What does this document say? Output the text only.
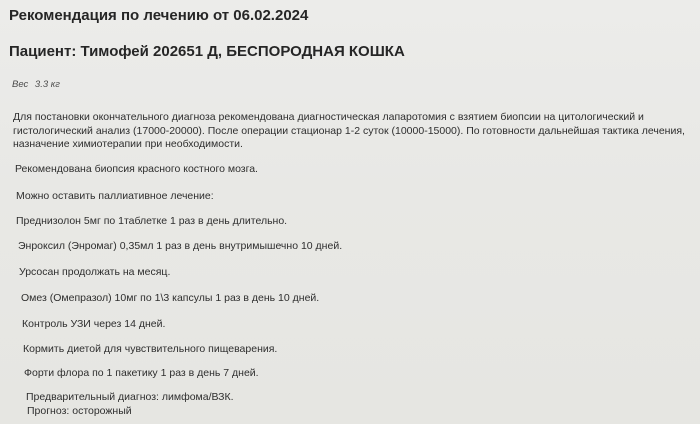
Рекомендация по лечению от 06.02.2024
Пациент: Тимофей 202651 Д, БЕСПОРОДНАЯ КОШКА
Вес 3.3 кг
Для постановки окончательного диагноза рекомендована диагностическая лапаротомия с взятием биопсии на цитологический и гистологический анализ (17000-20000). После операции стационар 1-2 суток (10000-15000). По готовности дальнейшая тактика лечения, назначение химиотерапии при необходимости.
Рекомендована биопсия красного костного мозга.
Можно оставить паллиативное лечение:
Преднизолон 5мг по 1таблетке 1 раз в день длительно.
Энроксил (Энромаг) 0,35мл 1 раз в день внутримышечно 10 дней.
Урсосан продолжать на месяц.
Омез (Омепразол) 10мг по 1\3 капсулы 1 раз в день 10 дней.
Контроль УЗИ через 14 дней.
Кормить диетой для чувствительного пищеварения.
Форти флора по 1 пакетику 1 раз в день 7 дней.
Предварительный диагноз: лимфома/ВЗК.
Прогноз: осторожный
